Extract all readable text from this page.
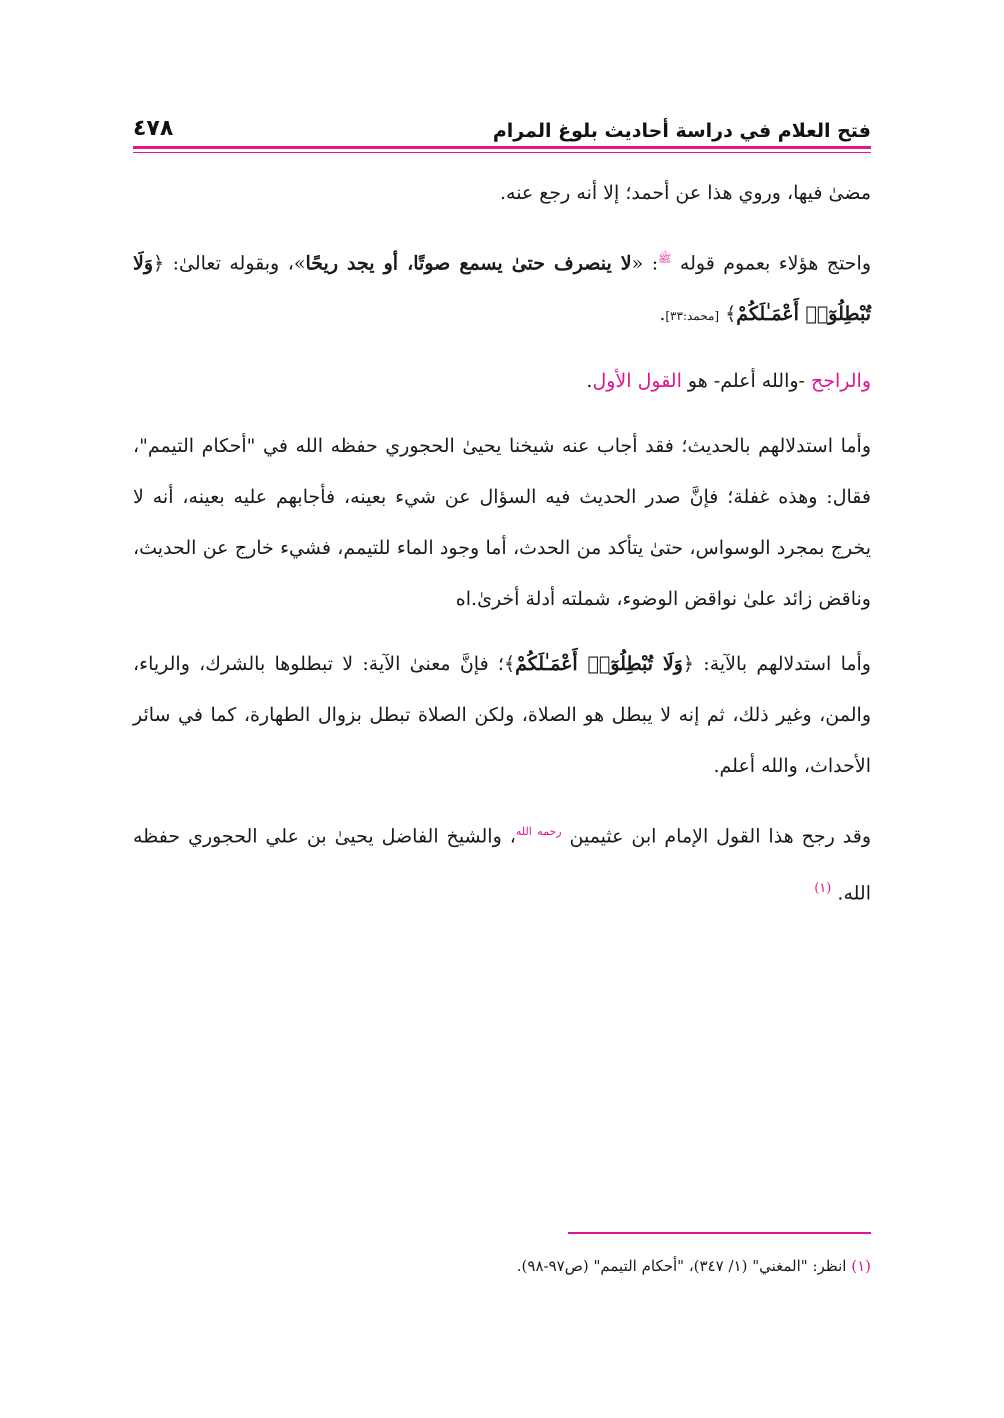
فتح العلام في دراسة أحاديث بلوغ المرام
٤٧٨

مضىٰ فيها، وروي هذا عن أحمد؛ إلا أنه رجع عنه.

واحتج هؤلاء بعموم قوله $^ﷺ$: «لا ينصرف حتىٰ يسمع صوتًا، أو يجد ريحًا»، وبقوله تعالىٰ: ﴿وَلَا تُبْطِلُوٓا۟ أَعْمَـٰلَكُمْ﴾ [محمد:٣٣].

والراجح -والله أعلم- هو القول الأول.

وأما استدلالهم بالحديث؛ فقد أجاب عنه شيخنا يحيىٰ الحجوري حفظه الله في "أحكام التيمم"، فقال: وهذه غفلة؛ فإنَّ صدر الحديث فيه السؤال عن شيء بعينه، فأجابهم عليه بعينه، أنه لا يخرج بمجرد الوسواس، حتىٰ يتأكد من الحدث، أما وجود الماء للتيمم، فشيء خارج عن الحديث، وناقض زائد علىٰ نواقض الوضوء، شملته أدلة أخرىٰ.اه

وأما استدلالهم بالآية: ﴿وَلَا تُبْطِلُوٓا۟ أَعْمَـٰلَكُمْ﴾؛ فإنَّ معنىٰ الآية: لا تبطلوها بالشرك، والرياء، والمن، وغير ذلك، ثم إنه لا يبطل هو الصلاة، ولكن الصلاة تبطل بزوال الطهارة، كما في سائر الأحداث، والله أعلم.

وقد رجح هذا القول الإمام ابن عثيمين $^{رحمه الله}$، والشيخ الفاضل يحيىٰ بن علي الحجوري حفظه الله. $^{(١)}$

(١) انظر: "المغني" (١/ ٣٤٧)، "أحكام التيمم" (ص٩٧-٩٨).
